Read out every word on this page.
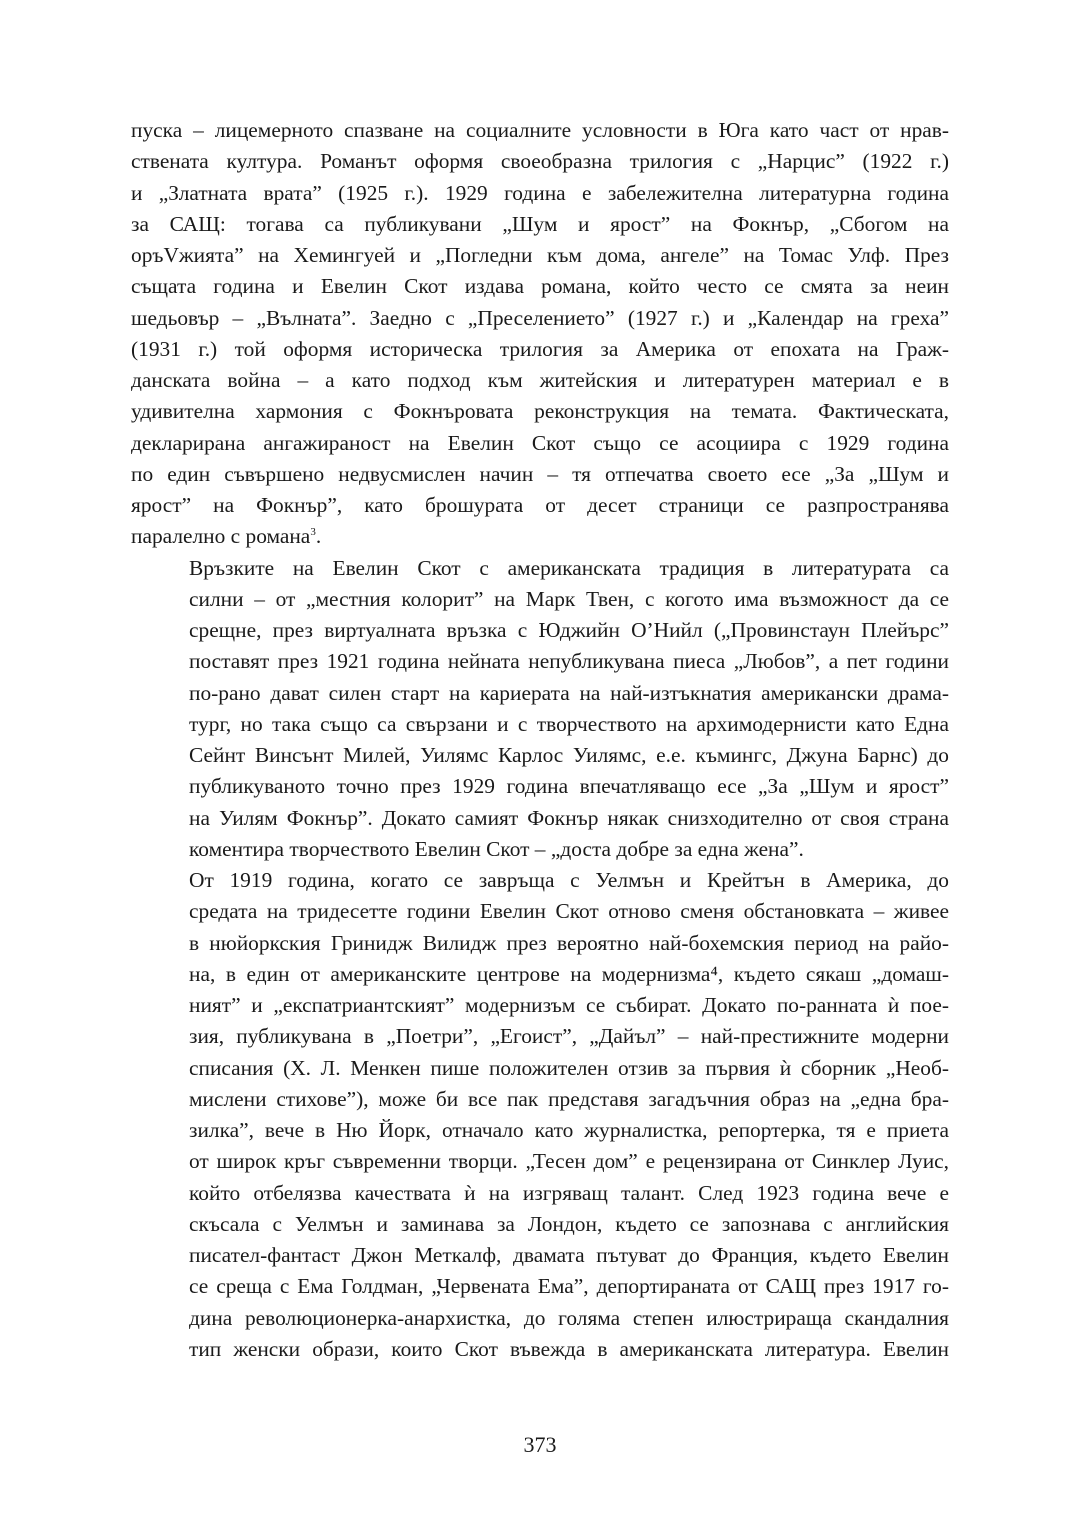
пуска – лицемерното спазване на социалните условности в Юга като част от нрав-
ствената култура. Романът оформя своеобразна трилогия с „Нарцис” (1922 г.)
и „Златната врата” (1925 г.). 1929 година е забележителна литературна година
за САЩ: тогава са публикувани „Шум и ярост” на Фокнър, „Сбогом на
оръVжията” на Хемингуей и „Погледни към дома, ангеле” на Томас Улф. През
същата година и Евелин Скот издава романа, който често се смята за неин
шедьовър – „Вълната”. Заедно с „Преселението” (1927 г.) и „Календар на греха”
(1931 г.) той оформя историческа трилогия за Америка от епохата на Граж-
данската война – а като подход към житейския и литературен материал е в
удивителна хармония с Фокнъровата реконструкция на темата. Фактическата,
декларирана ангажираност на Евелин Скот също се асоциира с 1929 година
по един съвършено недвусмислен начин – тя отпечатва своето есе „За „Шум и
ярост” на Фокнър”, като брошурата от десет страници се разпространява
паралелно с романа$^3$.

Връзките на Евелин Скот с американската традиция в литературата са
силни – от „местния колорит” на Марк Твен, с когото има възможност да се
срещне, през виртуалната връзка с Юджийн О’Нийл („Провинстаун Плейърс”
поставят през 1921 година нейната непубликувана пиеса „Любов”, а пет години
по-рано дават силен старт на кариерата на най-изтъкнатия американски драма-
тург, но така също са свързани и с творчеството на архимодернисти като Една
Сейнт Винсънт Милей, Уилямс Карлос Уилямс, е.е. къмингс, Джуна Барнс) до
публикуваното точно през 1929 година впечатляващо есе „За „Шум и ярост”
на Уилям Фокнър”. Докато самият Фокнър някак снизходително от своя страна
коментира творчеството Евелин Скот – „доста добре за една жена”.

От 1919 година, когато се завръща с Уелмън и Крейтън в Америка, до
средата на тридесетте години Евелин Скот отново сменя обстановката – живее
в нюйоркския Гринидж Вилидж през вероятно най-бохемския период на райо-
на, в един от американските центрове на модернизма⁴, където сякаш „домаш-
ният” и „експатриантският” модернизъм се събират. Докато по-ранната ѝ пое-
зия, публикувана в „Поетри”, „Егоист”, „Дайъл” – най-престижните модерни
списания (Х. Л. Менкен пише положителен отзив за първия ѝ сборник „Необ-
мислени стихове”), може би все пак представя загадъчния образ на „една бра-
зилка”, вече в Ню Йорк, отначало като журналистка, репортерка, тя е приета
от широк кръг съвременни творци. „Тесен дом” е рецензирана от Синклер Луис,
който отбелязва качествата ѝ на изгряващ талант. След 1923 година вече е
скъсала с Уелмън и заминава за Лондон, където се запознава с английския
писател-фантаст Джон Меткалф, двамата пътуват до Франция, където Евелин
се среща с Ема Голдман, „Червената Ема”, депортираната от САЩ през 1917 го-
дина революционерка-анархистка, до голяма степен илюстрираща скандалния
тип женски образи, които Скот въвежда в американската литература. Евелин

373
